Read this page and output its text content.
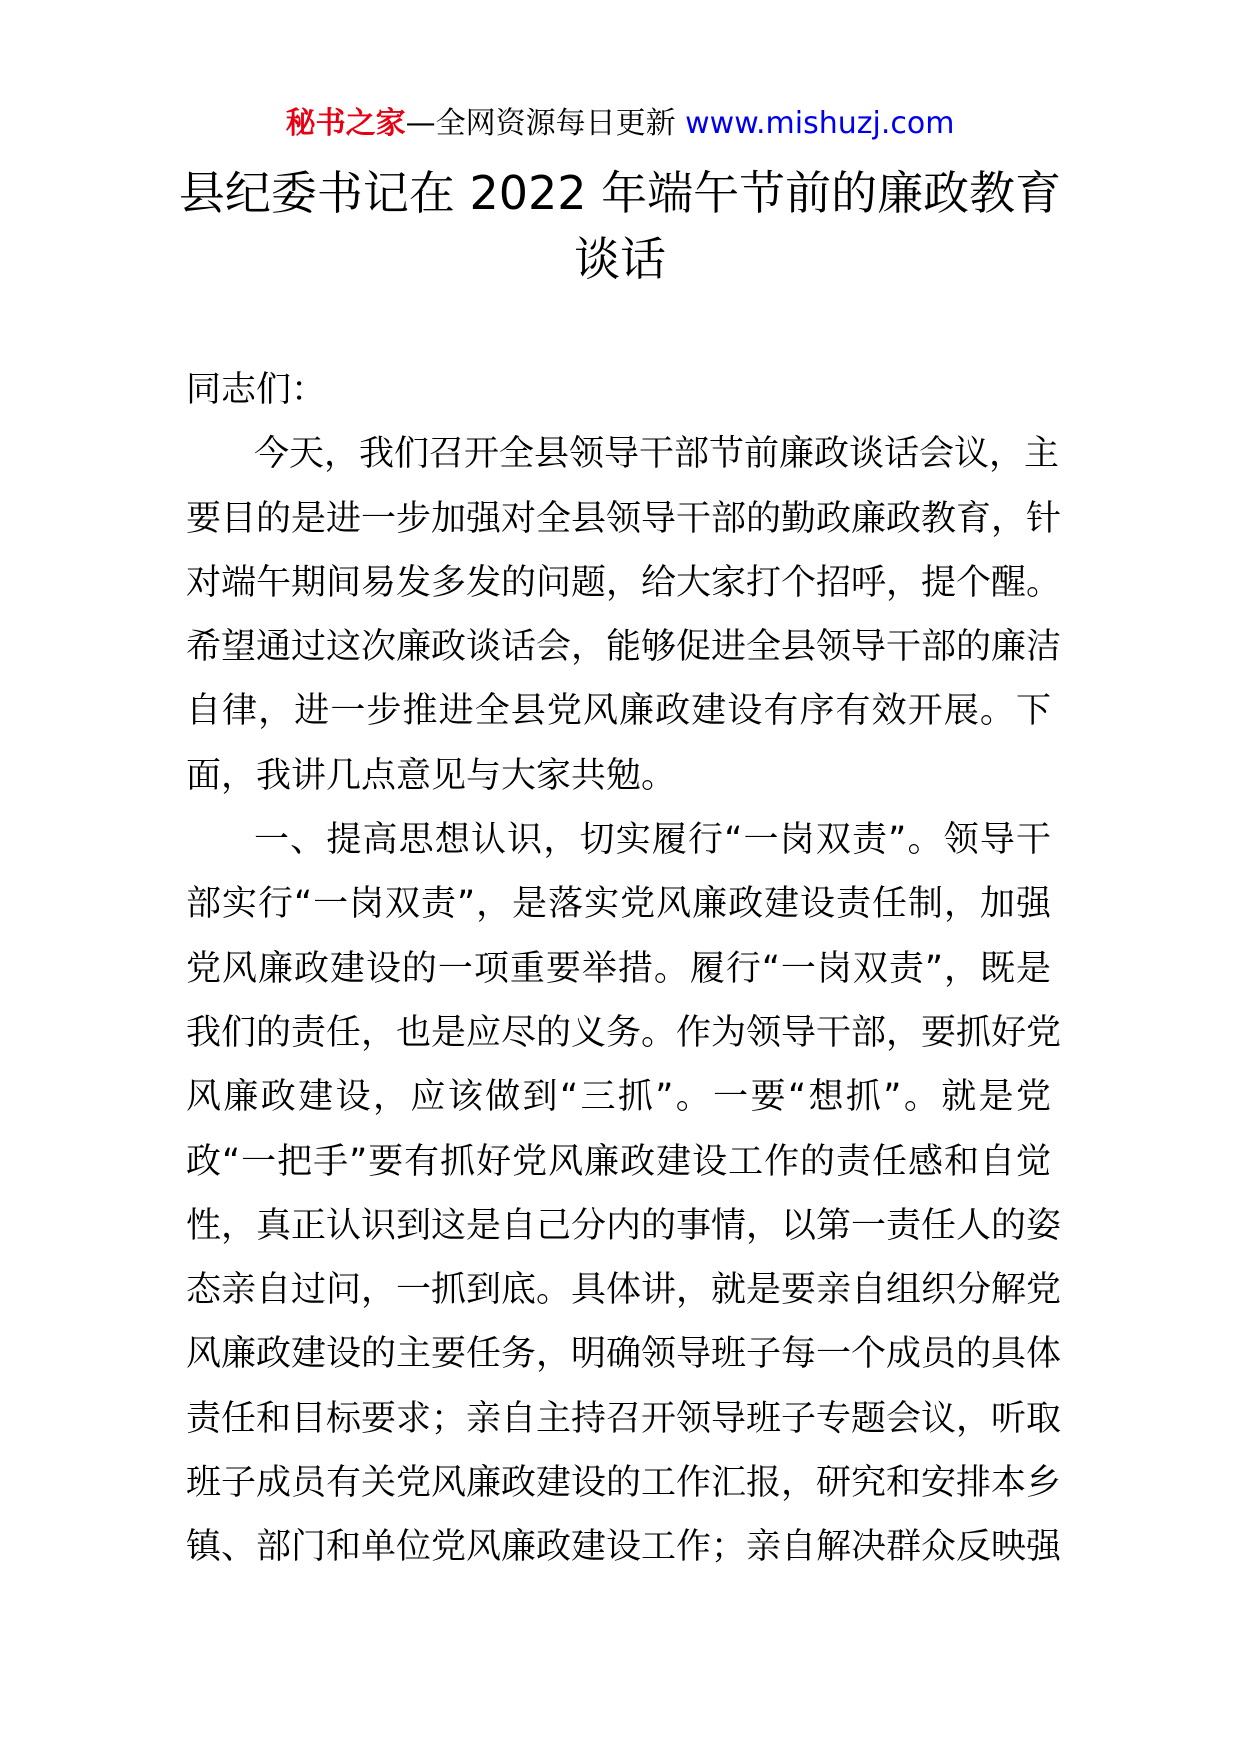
秘书之家—全网资源每日更新 www.mishuzj.com
县纪委书记在 2022 年端午节前的廉政教育
谈话
同志们：
今天，我们召开全县领导干部节前廉政谈话会议，主
要目的是进一步加强对全县领导干部的勤政廉政教育，针
对端午期间易发多发的问题，给大家打个招呼，提个醒。
希望通过这次廉政谈话会，能够促进全县领导干部的廉洁
自律，进一步推进全县党风廉政建设有序有效开展。下
面，我讲几点意见与大家共勉。
一、提高思想认识，切实履行“一岗双责”。领导干
部实行“一岗双责”，是落实党风廉政建设责任制，加强
党风廉政建设的一项重要举措。履行“一岗双责”，既是
我们的责任，也是应尽的义务。作为领导干部，要抓好党
风廉政建设，应该做到“三抓”。一要“想抓”。就是党
政“一把手”要有抓好党风廉政建设工作的责任感和自觉
性，真正认识到这是自己分内的事情，以第一责任人的姿
态亲自过问，一抓到底。具体讲，就是要亲自组织分解党
风廉政建设的主要任务，明确领导班子每一个成员的具体
责任和目标要求；亲自主持召开领导班子专题会议，听取
班子成员有关党风廉政建设的工作汇报，研究和安排本乡
镇、部门和单位党风廉政建设工作；亲自解决群众反映强
